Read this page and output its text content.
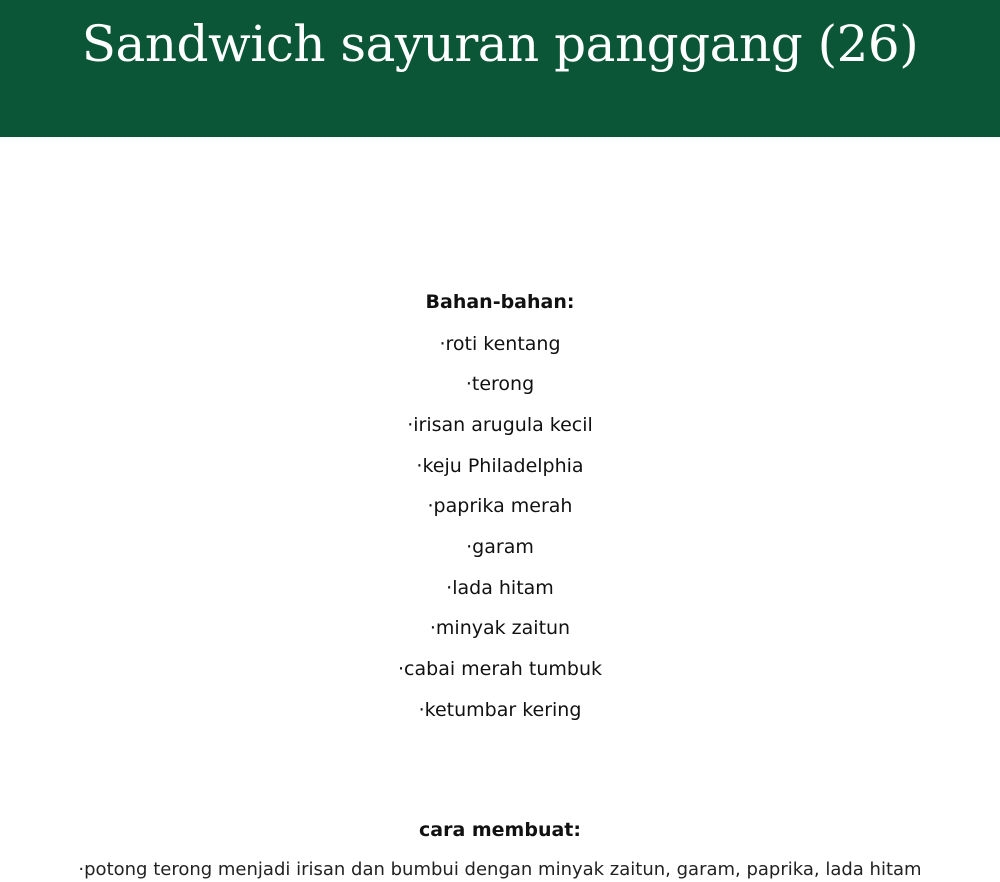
Sandwich sayuran panggang (26)
Bahan-bahan:
·roti kentang
·terong
·irisan arugula kecil
·keju Philadelphia
·paprika merah
·garam
·lada hitam
·minyak zaitun
·cabai merah tumbuk
·ketumbar kering
cara membuat:
·potong terong menjadi irisan dan bumbui dengan minyak zaitun, garam, paprika, lada hitam
